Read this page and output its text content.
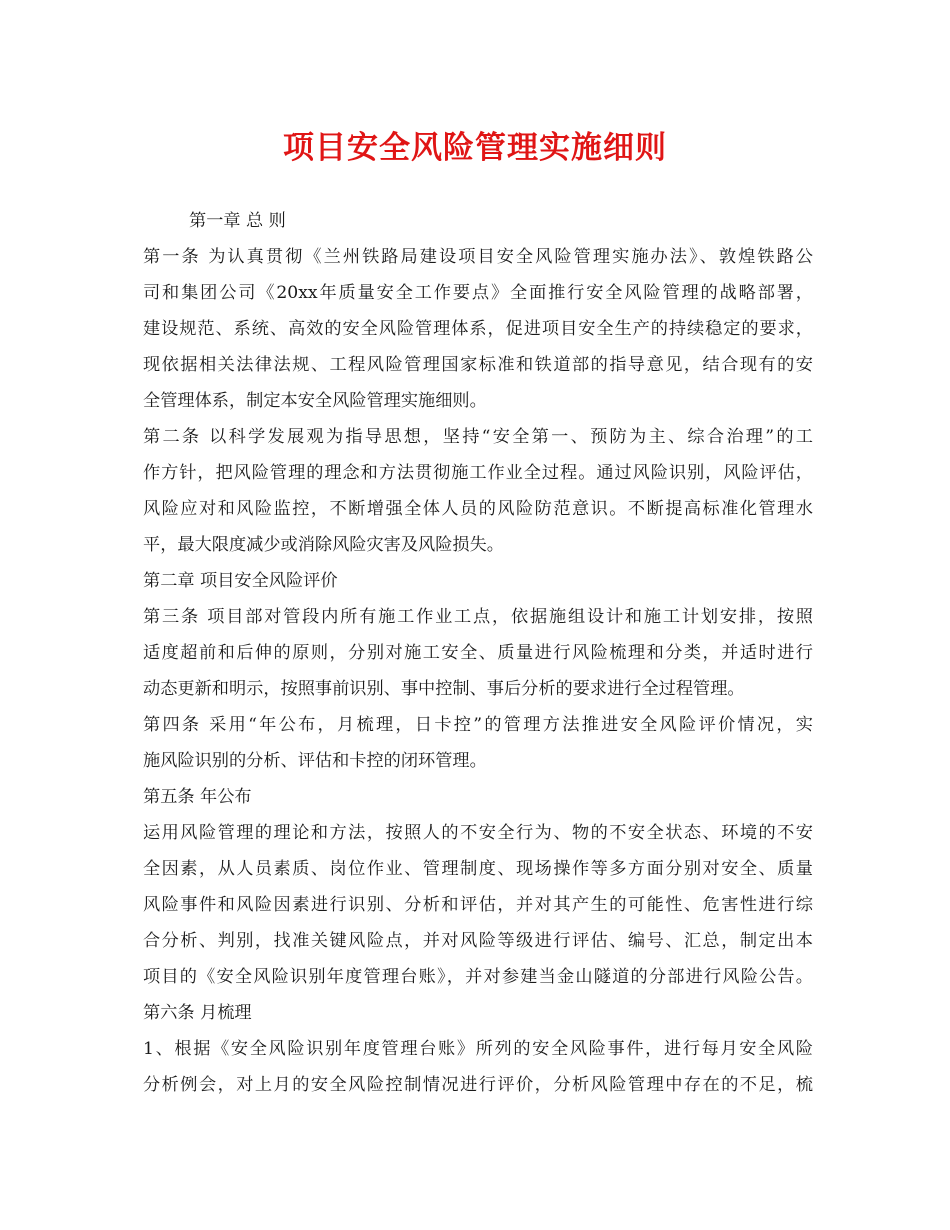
项目安全风险管理实施细则
第一章 总 则
第一条 为认真贯彻《兰州铁路局建设项目安全风险管理实施办法》、敦煌铁路公
司和集团公司《20xx年质量安全工作要点》全面推行安全风险管理的战略部署，
建设规范、系统、高效的安全风险管理体系，促进项目安全生产的持续稳定的要求，
现依据相关法律法规、工程风险管理国家标准和铁道部的指导意见，结合现有的安
全管理体系，制定本安全风险管理实施细则。
第二条 以科学发展观为指导思想，坚持“安全第一、预防为主、综合治理”的工
作方针，把风险管理的理念和方法贯彻施工作业全过程。通过风险识别，风险评估，
风险应对和风险监控，不断增强全体人员的风险防范意识。不断提高标准化管理水
平，最大限度减少或消除风险灾害及风险损失。
第二章 项目安全风险评价
第三条 项目部对管段内所有施工作业工点，依据施组设计和施工计划安排，按照
适度超前和后伸的原则，分别对施工安全、质量进行风险梳理和分类，并适时进行
动态更新和明示，按照事前识别、事中控制、事后分析的要求进行全过程管理。
第四条 采用“年公布，月梳理，日卡控”的管理方法推进安全风险评价情况，实
施风险识别的分析、评估和卡控的闭环管理。
第五条 年公布
运用风险管理的理论和方法，按照人的不安全行为、物的不安全状态、环境的不安
全因素，从人员素质、岗位作业、管理制度、现场操作等多方面分别对安全、质量
风险事件和风险因素进行识别、分析和评估，并对其产生的可能性、危害性进行综
合分析、判别，找准关键风险点，并对风险等级进行评估、编号、汇总，制定出本
项目的《安全风险识别年度管理台账》，并对参建当金山隧道的分部进行风险公告。
第六条 月梳理
1、根据《安全风险识别年度管理台账》所列的安全风险事件，进行每月安全风险
分析例会，对上月的安全风险控制情况进行评价，分析风险管理中存在的不足，梳
